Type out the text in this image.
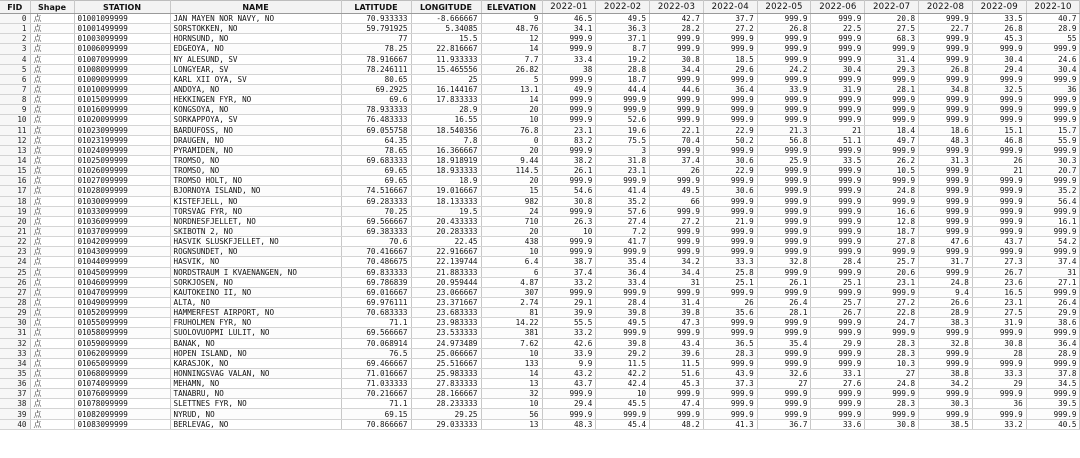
FID	Shape	STATION	NAME	LATITUDE	LONGITUDE	ELEVATION	2022-01	2022-02	2022-03	2022-04	2022-05	2022-06	2022-07	2022-08	2022-09	2022-10
0	点	01001099999	JAN MAYEN NOR NAVY, NO	70.933333	-8.666667	9	46.5	49.5	42.7	37.7	999.9	999.9	20.8	999.9	33.5	40.7
1	点	01001499999	SORSTOKKEN, NO	59.791925	5.34085	48.76	34.1	36.3	28.2	27.2	26.8	22.5	27.5	22.7	26.8	28.9
2	点	01003099999	HORNSUND, NO	77	15.5	12	999.9	37.1	999.9	999.9	999.9	999.9	68.3	999.9	45.3	55
3	点	01006099999	EDGEOYA, NO	78.25	22.816667	14	999.9	8.7	999.9	999.9	999.9	999.9	999.9	999.9	999.9	999.9
4	点	01007099999	NY ALESUND, SV	78.916667	11.933333	7.7	33.4	19.2	30.8	18.5	999.9	999.9	31.4	999.9	30.4	24.6
5	点	01008099999	LONGYEAR, SV	78.246111	15.465556	26.82	38	28.8	34.4	29.6	24.2	30.4	29.3	26.8	29.4	30.4
6	点	01009099999	KARL XII OYA, SV	80.65	25	5	999.9	18.7	999.9	999.9	999.9	999.9	999.9	999.9	999.9	999.9
7	点	01010099999	ANDOYA, NO	69.2925	16.144167	13.1	49.9	44.4	44.6	36.4	33.9	31.9	28.1	34.8	32.5	36
8	点	01015099999	HEKKINGEN FYR, NO	69.6	17.833333	14	999.9	999.9	999.9	999.9	999.9	999.9	999.9	999.9	999.9	999.9
9	点	01016099999	KONGSOYA, NO	78.933333	28.9	20	999.9	999.9	999.9	999.9	999.9	999.9	999.9	999.9	999.9	999.9
10	点	01020099999	SORKAPPOYA, SV	76.483333	16.55	10	999.9	52.6	999.9	999.9	999.9	999.9	999.9	999.9	999.9	999.9
11	点	01023099999	BARDUFOSS, NO	69.055758	18.540356	76.8	23.1	19.6	22.1	22.9	21.3	21	18.4	18.6	15.1	15.7
12	点	01023199999	DRAUGEN, NO	64.35	7.8	0	83.2	75.5	70.4	50.2	56.8	51.1	49.7	48.3	46.8	55.9
13	点	01024099999	PYRAMIDEN, NO	78.65	16.366667	20	999.9	3	999.9	999.9	999.9	999.9	999.9	999.9	999.9	999.9
14	点	01025099999	TROMSO, NO	69.683333	18.918919	9.44	38.2	31.8	37.4	30.6	25.9	33.5	26.2	31.3	26	30.3
15	点	01026099999	TROMSO, NO	69.65	18.933333	114.5	26.1	23.1	26	22.9	999.9	999.9	10.5	999.9	21	20.7
16	点	01027099999	TROMSO HOLT, NO	69.65	18.9	20	999.9	999.9	999.9	999.9	999.9	999.9	999.9	999.9	999.9	999.9
17	点	01028099999	BJORNOYA ISLAND, NO	74.516667	19.016667	15	54.6	41.4	49.5	30.6	999.9	999.9	24.8	999.9	999.9	35.2
18	点	01030099999	KISTEFJELL, NO	69.283333	18.133333	982	30.8	35.2	66	999.9	999.9	999.9	999.9	999.9	999.9	56.4
19	点	01033099999	TORSVAG FYR, NO	70.25	19.5	24	999.9	57.6	999.9	999.9	999.9	999.9	16.6	999.9	999.9	999.9
20	点	01036099999	NORDNESFJELLET, NO	69.566667	20.433333	710	26.3	27.4	27.2	21.9	999.9	999.9	12.8	999.9	999.9	16.1
21	点	01037099999	SKIBOTN 2, NO	69.383333	20.283333	20	10	7.2	999.9	999.9	999.9	999.9	18.7	999.9	999.9	999.9
22	点	01042099999	HASVIK SLUSKFJELLET, NO	70.6	22.45	438	999.9	41.7	999.9	999.9	999.9	999.9	27.8	47.6	43.7	54.2
23	点	01043099999	ROGNSUNDET, NO	70.416667	22.916667	10	999.9	999.9	999.9	999.9	999.9	999.9	999.9	999.9	999.9	999.9
24	点	01044099999	HASVIK, NO	70.486675	22.139744	6.4	38.7	35.4	34.2	33.3	32.8	28.4	25.7	31.7	27.3	37.4
25	点	01045099999	NORDSTRAUM I KVAENANGEN, NO	69.833333	21.883333	6	37.4	36.4	34.4	25.8	999.9	999.9	20.6	999.9	26.7	31
26	点	01046099999	SORKJOSEN, NO	69.786839	20.959444	4.87	33.2	33.4	31	25.1	26.1	25.1	23.1	24.8	23.6	27.1
27	点	01047099999	KAUTOKEINO II, NO	69.016667	23.066667	307	999.9	999.9	999.9	999.9	999.9	999.9	999.9	9.4	16.5	999.9
28	点	01049099999	ALTA, NO	69.976111	23.371667	2.74	29.1	28.4	31.4	26	26.4	25.7	27.2	26.6	23.1	26.4
29	点	01052099999	HAMMERFEST AIRPORT, NO	70.683333	23.683333	81	39.9	39.8	39.8	35.6	28.1	26.7	22.8	28.9	27.5	29.9
30	点	01055099999	FRUHOLMEN FYR, NO	71.1	23.983333	14.22	55.5	49.5	47.3	999.9	999.9	999.9	24.7	38.3	31.9	38.6
31	点	01058099999	SUOLOVUOPMI LULIT, NO	69.566667	23.533333	381	33.2	999.9	999.9	999.9	999.9	999.9	999.9	999.9	999.9	999.9
32	点	01059099999	BANAK, NO	70.068914	24.973489	7.62	42.6	39.8	43.4	36.5	35.4	29.9	28.3	32.8	30.8	36.4
33	点	01062099999	HOPEN ISLAND, NO	76.5	25.066667	10	33.9	29.2	39.6	28.3	999.9	999.9	28.3	999.9	28	28.9
34	点	01065099999	KARASJOK, NO	69.466667	25.516667	133	9.9	11.5	11.5	999.9	999.9	999.9	10.3	999.9	999.9	999.9
35	点	01068099999	HONNINGSVAG VALAN, NO	71.016667	25.983333	14	43.2	42.2	51.6	43.9	32.6	33.1	27	38.8	33.3	37.8
36	点	01074099999	MEHAMN, NO	71.033333	27.833333	13	43.7	42.4	45.3	37.3	27	27.6	24.8	34.2	29	34.5
37	点	01076099999	TANABRU, NO	70.216667	28.166667	32	999.9	10	999.9	999.9	999.9	999.9	999.9	999.9	999.9	999.9
38	点	01078099999	SLETTNES FYR, NO	71.1	28.233333	10	29.4	45.5	47.4	999.9	999.9	999.9	28.3	30.3	36	39.5
39	点	01082099999	NYRUD, NO	69.15	29.25	56	999.9	999.9	999.9	999.9	999.9	999.9	999.9	999.9	999.9	999.9
40	点	01083099999	BERLEVAG, NO	70.866667	29.033333	13	48.3	45.4	48.2	41.3	36.7	33.6	30.8	38.5	33.2	40.5
